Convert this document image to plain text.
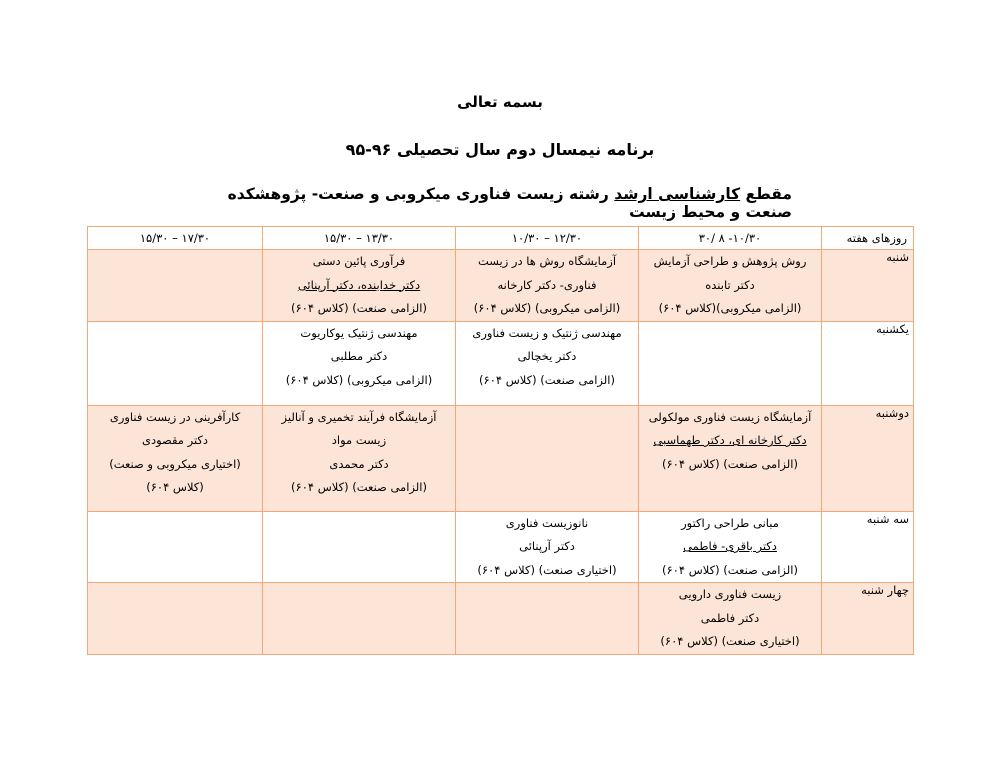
بسمه تعالی
برنامه نیمسال دوم سال تحصیلی ۹۶-۹۵
مقطع کارشناسی ارشد رشته زیست فناوری میکروبی و صنعت- پژوهشکده صنعت و محیط زیست
روزهای هفته	۱۰/۳۰- ۸ /۳۰	۱۲/۳۰ – ۱۰/۳۰	۱۳/۳۰ – ۱۵/۳۰	۱۷/۳۰ – ۱۵/۳۰
شنبه	روش پژوهش و طراحی آزمایش
دکتر تابنده
(الزامی میکروبی)(کلاس ۶۰۴)	آزمایشگاه روش ها در زیست
فناوری- دکتر کارخانه
(الزامی میکروبی) (کلاس ۶۰۴)	فرآوری پائین دستی
دکتر خدابنده، دکتر آرپنائی
(الزامی صنعت) (کلاس ۶۰۴)	

یکشنبه		مهندسی ژنتیک و زیست فناوری
دکتر یخچالی
(الزامی صنعت) (کلاس ۶۰۴)	مهندسی ژنتیک یوکاریوت
دکتر مطلبی
(الزامی میکروبی) (کلاس ۶۰۴)	

دوشنبه	آزمایشگاه زیست فناوری مولکولی
دکتر کارخانه ای، دکتر طهماسبی
(الزامی صنعت) (کلاس ۶۰۴)		آزمایشگاه فرآیند تخمیری و آنالیز
زیست مواد
دکتر محمدی
(الزامی صنعت) (کلاس ۶۰۴)	کارآفرینی در زیست فناوری
دکتر مقصودی
(اختیاری میکروبی و صنعت)
(کلاس ۶۰۴)

سه شنبه	مبانی طراحی راکتور
دکتر باقری- فاطمی
(الزامی صنعت) (کلاس ۶۰۴)	نانوزیست فناوری
دکتر آرپنائی
(اختیاری صنعت) (کلاس ۶۰۴)		

چهار شنبه	زیست فناوری دارویی
دکتر فاطمی
(اختیاری صنعت) (کلاس ۶۰۴)			
